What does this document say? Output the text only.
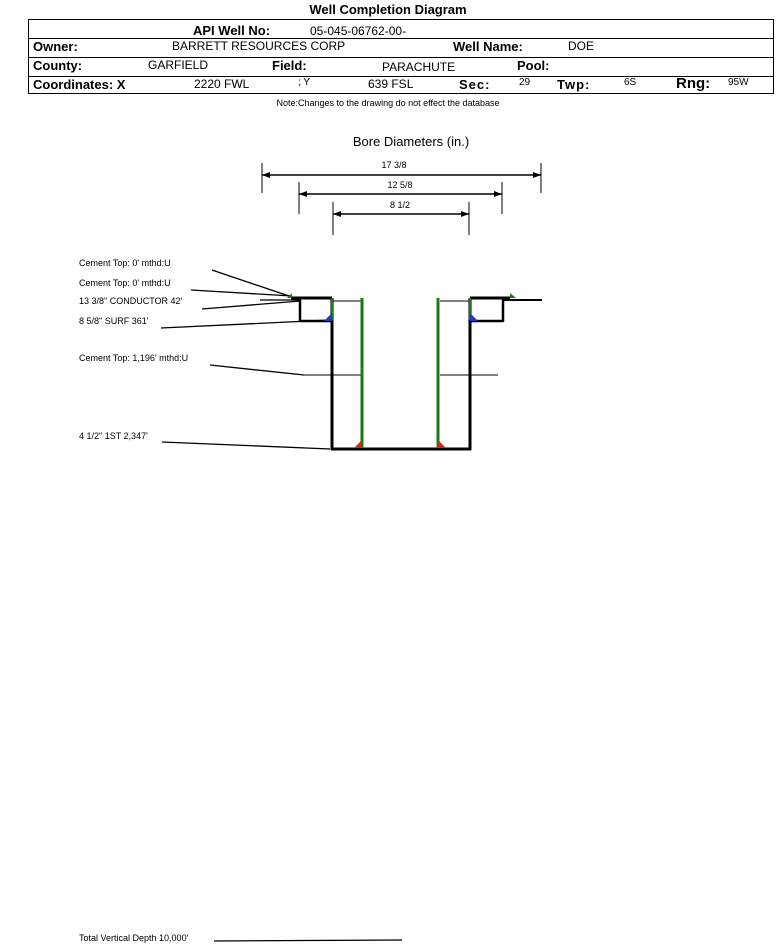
Well Completion Diagram
API Well No:	05-045-06762-00-
Owner:	BARRETT RESOURCES CORP	Well Name:	DOE
County:	GARFIELD	Field:	PARACHUTE	Pool:
Coordinates: X	2220 FWL	; Y	639 FSL	Sec:	29 Twp:	6S	Rng: 95W
Note:Changes to the drawing do not effect the database
Bore Diameters (in.)
17 3/8
12 5/8
8 1/2
Cement Top: 0' mthd:U
Cement Top: 0' mthd:U
13 3/8" CONDUCTOR 42'
8 5/8" SURF 361'
Cement Top: 1,196' mthd:U
4 1/2" 1ST 2,347'
Total Vertical Depth 10,000'
